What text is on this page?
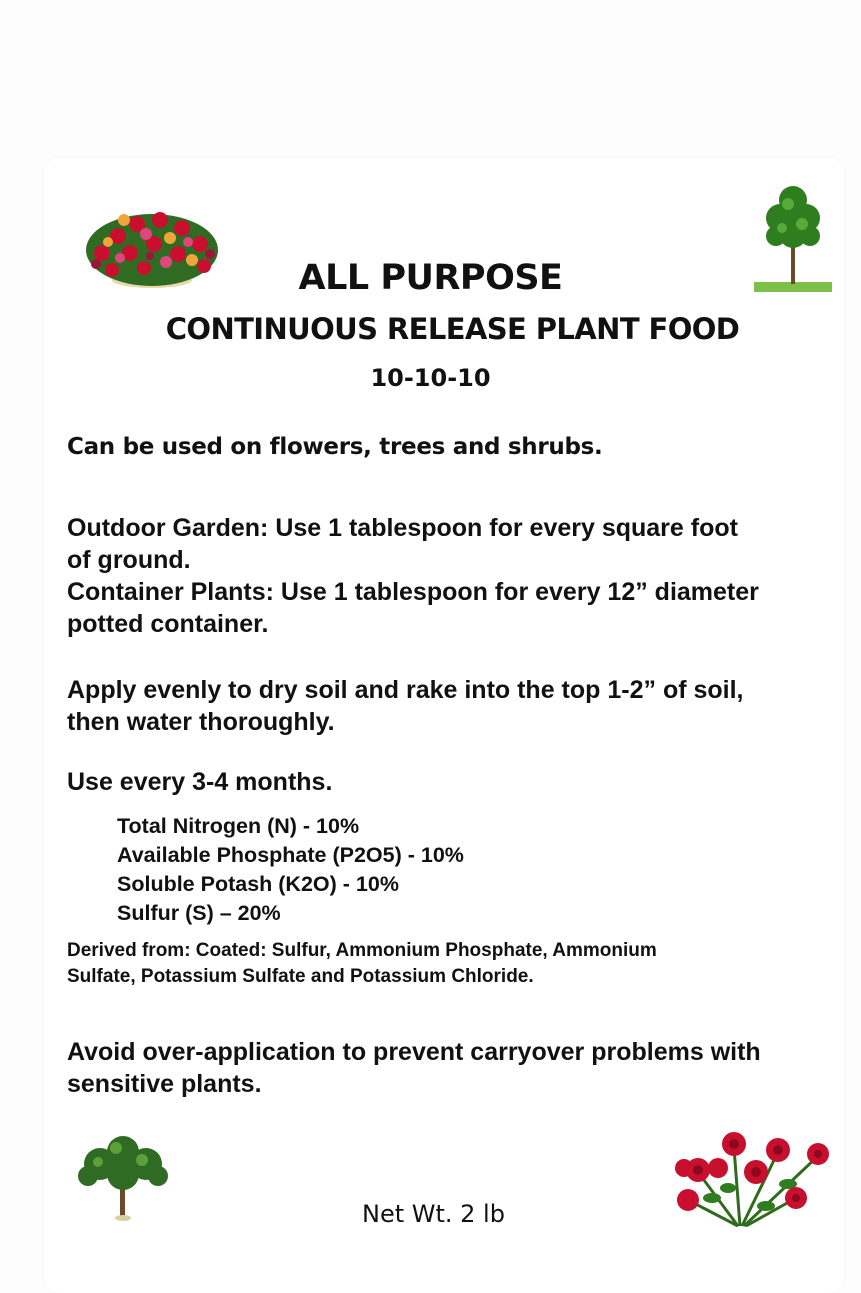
ALL PURPOSE
CONTINUOUS RELEASE PLANT FOOD
10-10-10
Can be used on flowers, trees and shrubs.
Outdoor Garden: Use 1 tablespoon for every square foot
of ground.
Container Plants: Use 1 tablespoon for every 12” diameter
potted container.
Apply evenly to dry soil and rake into the top 1-2” of soil,
then water thoroughly.
Use every 3-4 months.
Total Nitrogen (N) - 10%
Available Phosphate (P2O5) - 10%
Soluble Potash (K2O) - 10%
Sulfur (S) – 20%
Derived from: Coated: Sulfur, Ammonium Phosphate, Ammonium
Sulfate, Potassium Sulfate and Potassium Chloride.
Avoid over-application to prevent carryover problems with
sensitive plants.
Net Wt. 2 lb
